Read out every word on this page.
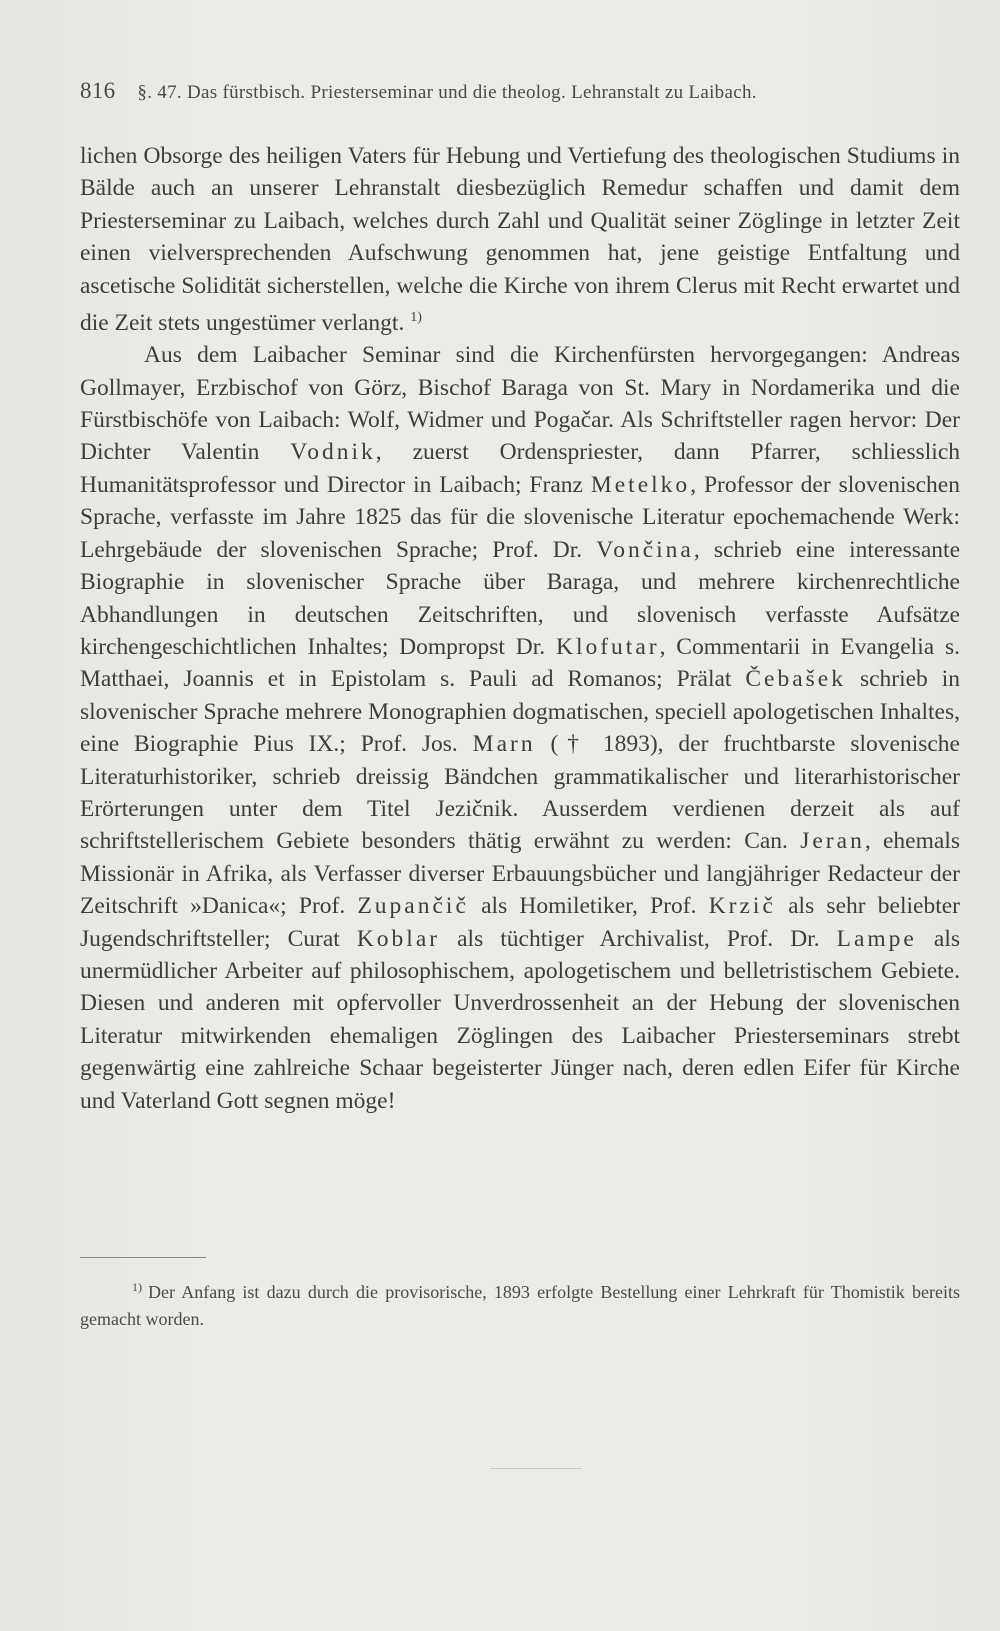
816 §. 47. Das fürstbisch. Priesterseminar und die theolog. Lehranstalt zu Laibach.

lichen Obsorge des heiligen Vaters für Hebung und Vertiefung des theologischen Studiums in Bälde auch an unserer Lehranstalt diesbezüglich Remedur schaffen und damit dem Priesterseminar zu Laibach, welches durch Zahl und Qualität seiner Zöglinge in letzter Zeit einen vielversprechenden Aufschwung genommen hat, jene geistige Entfaltung und ascetische Solidität sicherstellen, welche die Kirche von ihrem Clerus mit Recht erwartet und die Zeit stets ungestümer verlangt. $^{1)}$

Aus dem Laibacher Seminar sind die Kirchenfürsten hervorgegangen: Andreas Gollmayer, Erzbischof von Görz, Bischof Baraga von St. Mary in Nordamerika und die Fürstbischöfe von Laibach: Wolf, Widmer und Pogačar. Als Schriftsteller ragen hervor: Der Dichter Valentin Vodnik, zuerst Ordenspriester, dann Pfarrer, schliesslich Humanitätsprofessor und Director in Laibach; Franz Metelko, Professor der slovenischen Sprache, verfasste im Jahre 1825 das für die slovenische Literatur epochemachende Werk: Lehrgebäude der slovenischen Sprache; Prof. Dr. Vončina, schrieb eine interessante Biographie in slovenischer Sprache über Baraga, und mehrere kirchenrechtliche Abhandlungen in deutschen Zeitschriften, und slovenisch verfasste Aufsätze kirchengeschichtlichen Inhaltes; Dompropst Dr. Klofutar, Commentarii in Evangelia s. Matthaei, Joannis et in Epistolam s. Pauli ad Romanos; Prälat Čebašek schrieb in slovenischer Sprache mehrere Monographien dogmatischen, speciell apologetischen Inhaltes, eine Biographie Pius IX.; Prof. Jos. Marn († 1893), der fruchtbarste slovenische Literaturhistoriker, schrieb dreissig Bändchen grammatikalischer und literarhistorischer Erörterungen unter dem Titel Jezičnik. Ausserdem verdienen derzeit als auf schriftstellerischem Gebiete besonders thätig erwähnt zu werden: Can. Jeran, ehemals Missionär in Afrika, als Verfasser diverser Erbauungsbücher und langjähriger Redacteur der Zeitschrift »Danica«; Prof. Zupančič als Homiletiker, Prof. Krzič als sehr beliebter Jugendschriftsteller; Curat Koblar als tüchtiger Archivalist, Prof. Dr. Lampe als unermüdlicher Arbeiter auf philosophischem, apologetischem und belletristischem Gebiete. Diesen und anderen mit opfervoller Unverdrossenheit an der Hebung der slovenischen Literatur mitwirkenden ehemaligen Zöglingen des Laibacher Priesterseminars strebt gegenwärtig eine zahlreiche Schaar begeisterter Jünger nach, deren edlen Eifer für Kirche und Vaterland Gott segnen möge!

$^{1)}$ Der Anfang ist dazu durch die provisorische, 1893 erfolgte Bestellung einer Lehrkraft für Thomistik bereits gemacht worden.
